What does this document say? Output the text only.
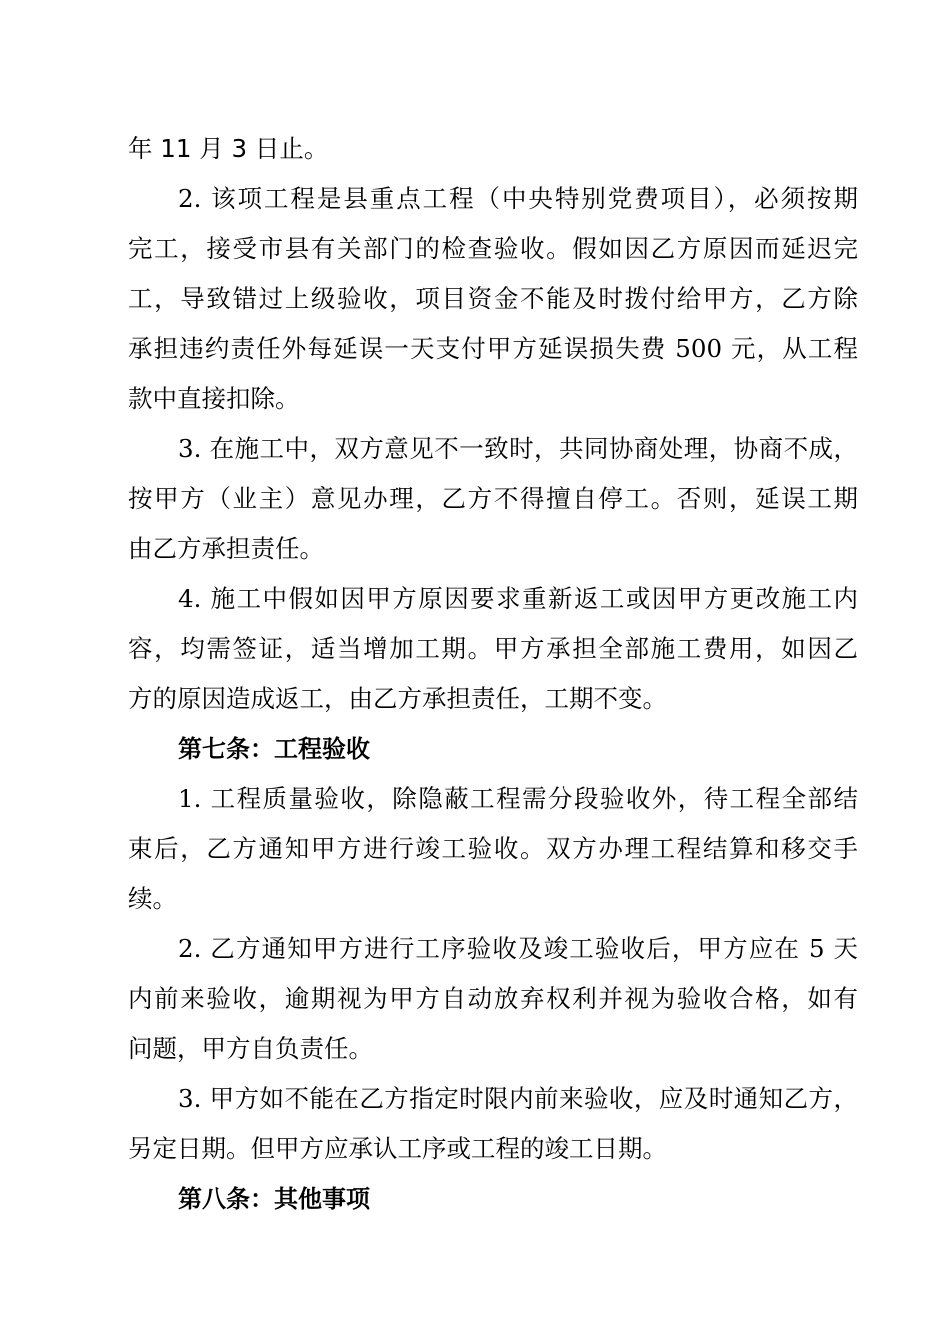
年 11 月 3 日止。
2. 该项工程是县重点工程（中央特别党费项目），必须按期
完工，接受市县有关部门的检查验收。假如因乙方原因而延迟完
工，导致错过上级验收，项目资金不能及时拨付给甲方，乙方除
承担违约责任外每延误一天支付甲方延误损失费 500 元，从工程
款中直接扣除。
3. 在施工中，双方意见不一致时，共同协商处理，协商不成，
按甲方（业主）意见办理，乙方不得擅自停工。否则，延误工期
由乙方承担责任。
4. 施工中假如因甲方原因要求重新返工或因甲方更改施工内
容，均需签证，适当增加工期。甲方承担全部施工费用，如因乙
方的原因造成返工，由乙方承担责任，工期不变。
第七条：工程验收
1. 工程质量验收，除隐蔽工程需分段验收外，待工程全部结
束后，乙方通知甲方进行竣工验收。双方办理工程结算和移交手
续。
2. 乙方通知甲方进行工序验收及竣工验收后，甲方应在 5 天
内前来验收，逾期视为甲方自动放弃权利并视为验收合格，如有
问题，甲方自负责任。
3. 甲方如不能在乙方指定时限内前来验收，应及时通知乙方，
另定日期。但甲方应承认工序或工程的竣工日期。
第八条：其他事项
